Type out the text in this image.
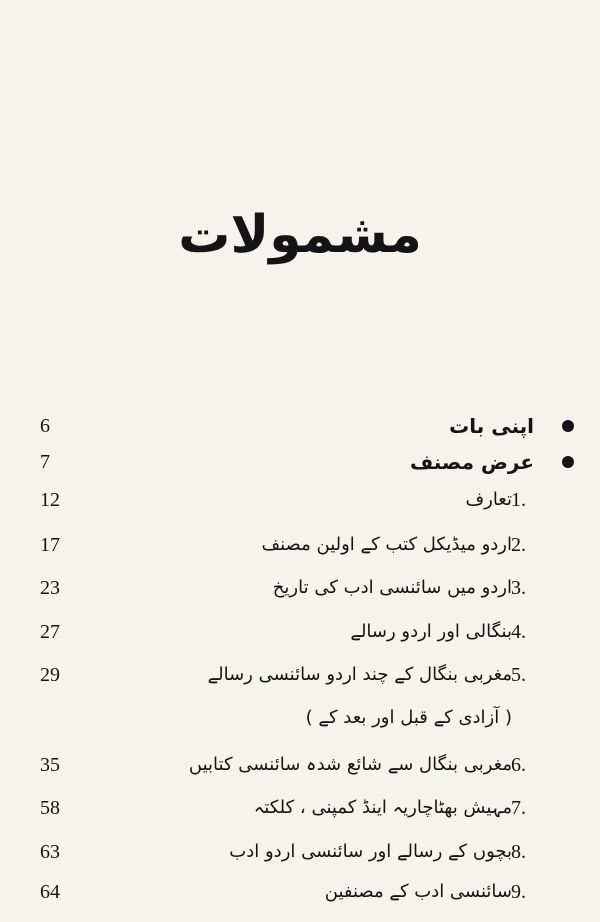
مشمولات
اپنی بات
6
عرض مصنف
7
1.
تعارف
12
2.
اردو میڈیکل کتب کے اولین مصنف
17
3.
اردو میں سائنسی ادب کی تاریخ
23
4.
بنگالی اور اردو رسالے
27
5.
مغربی بنگال کے چند اردو سائنسی رسالے
29
( آزادی کے قبل اور بعد کے )
6.
مغربی بنگال سے شائع شدہ سائنسی کتابیں
35
7.
مہیش بھٹاچاریہ اینڈ کمپنی ، کلکتہ
58
8.
بچوں کے رسالے اور سائنسی اردو ادب
63
9.
سائنسی ادب کے مصنفین
64
